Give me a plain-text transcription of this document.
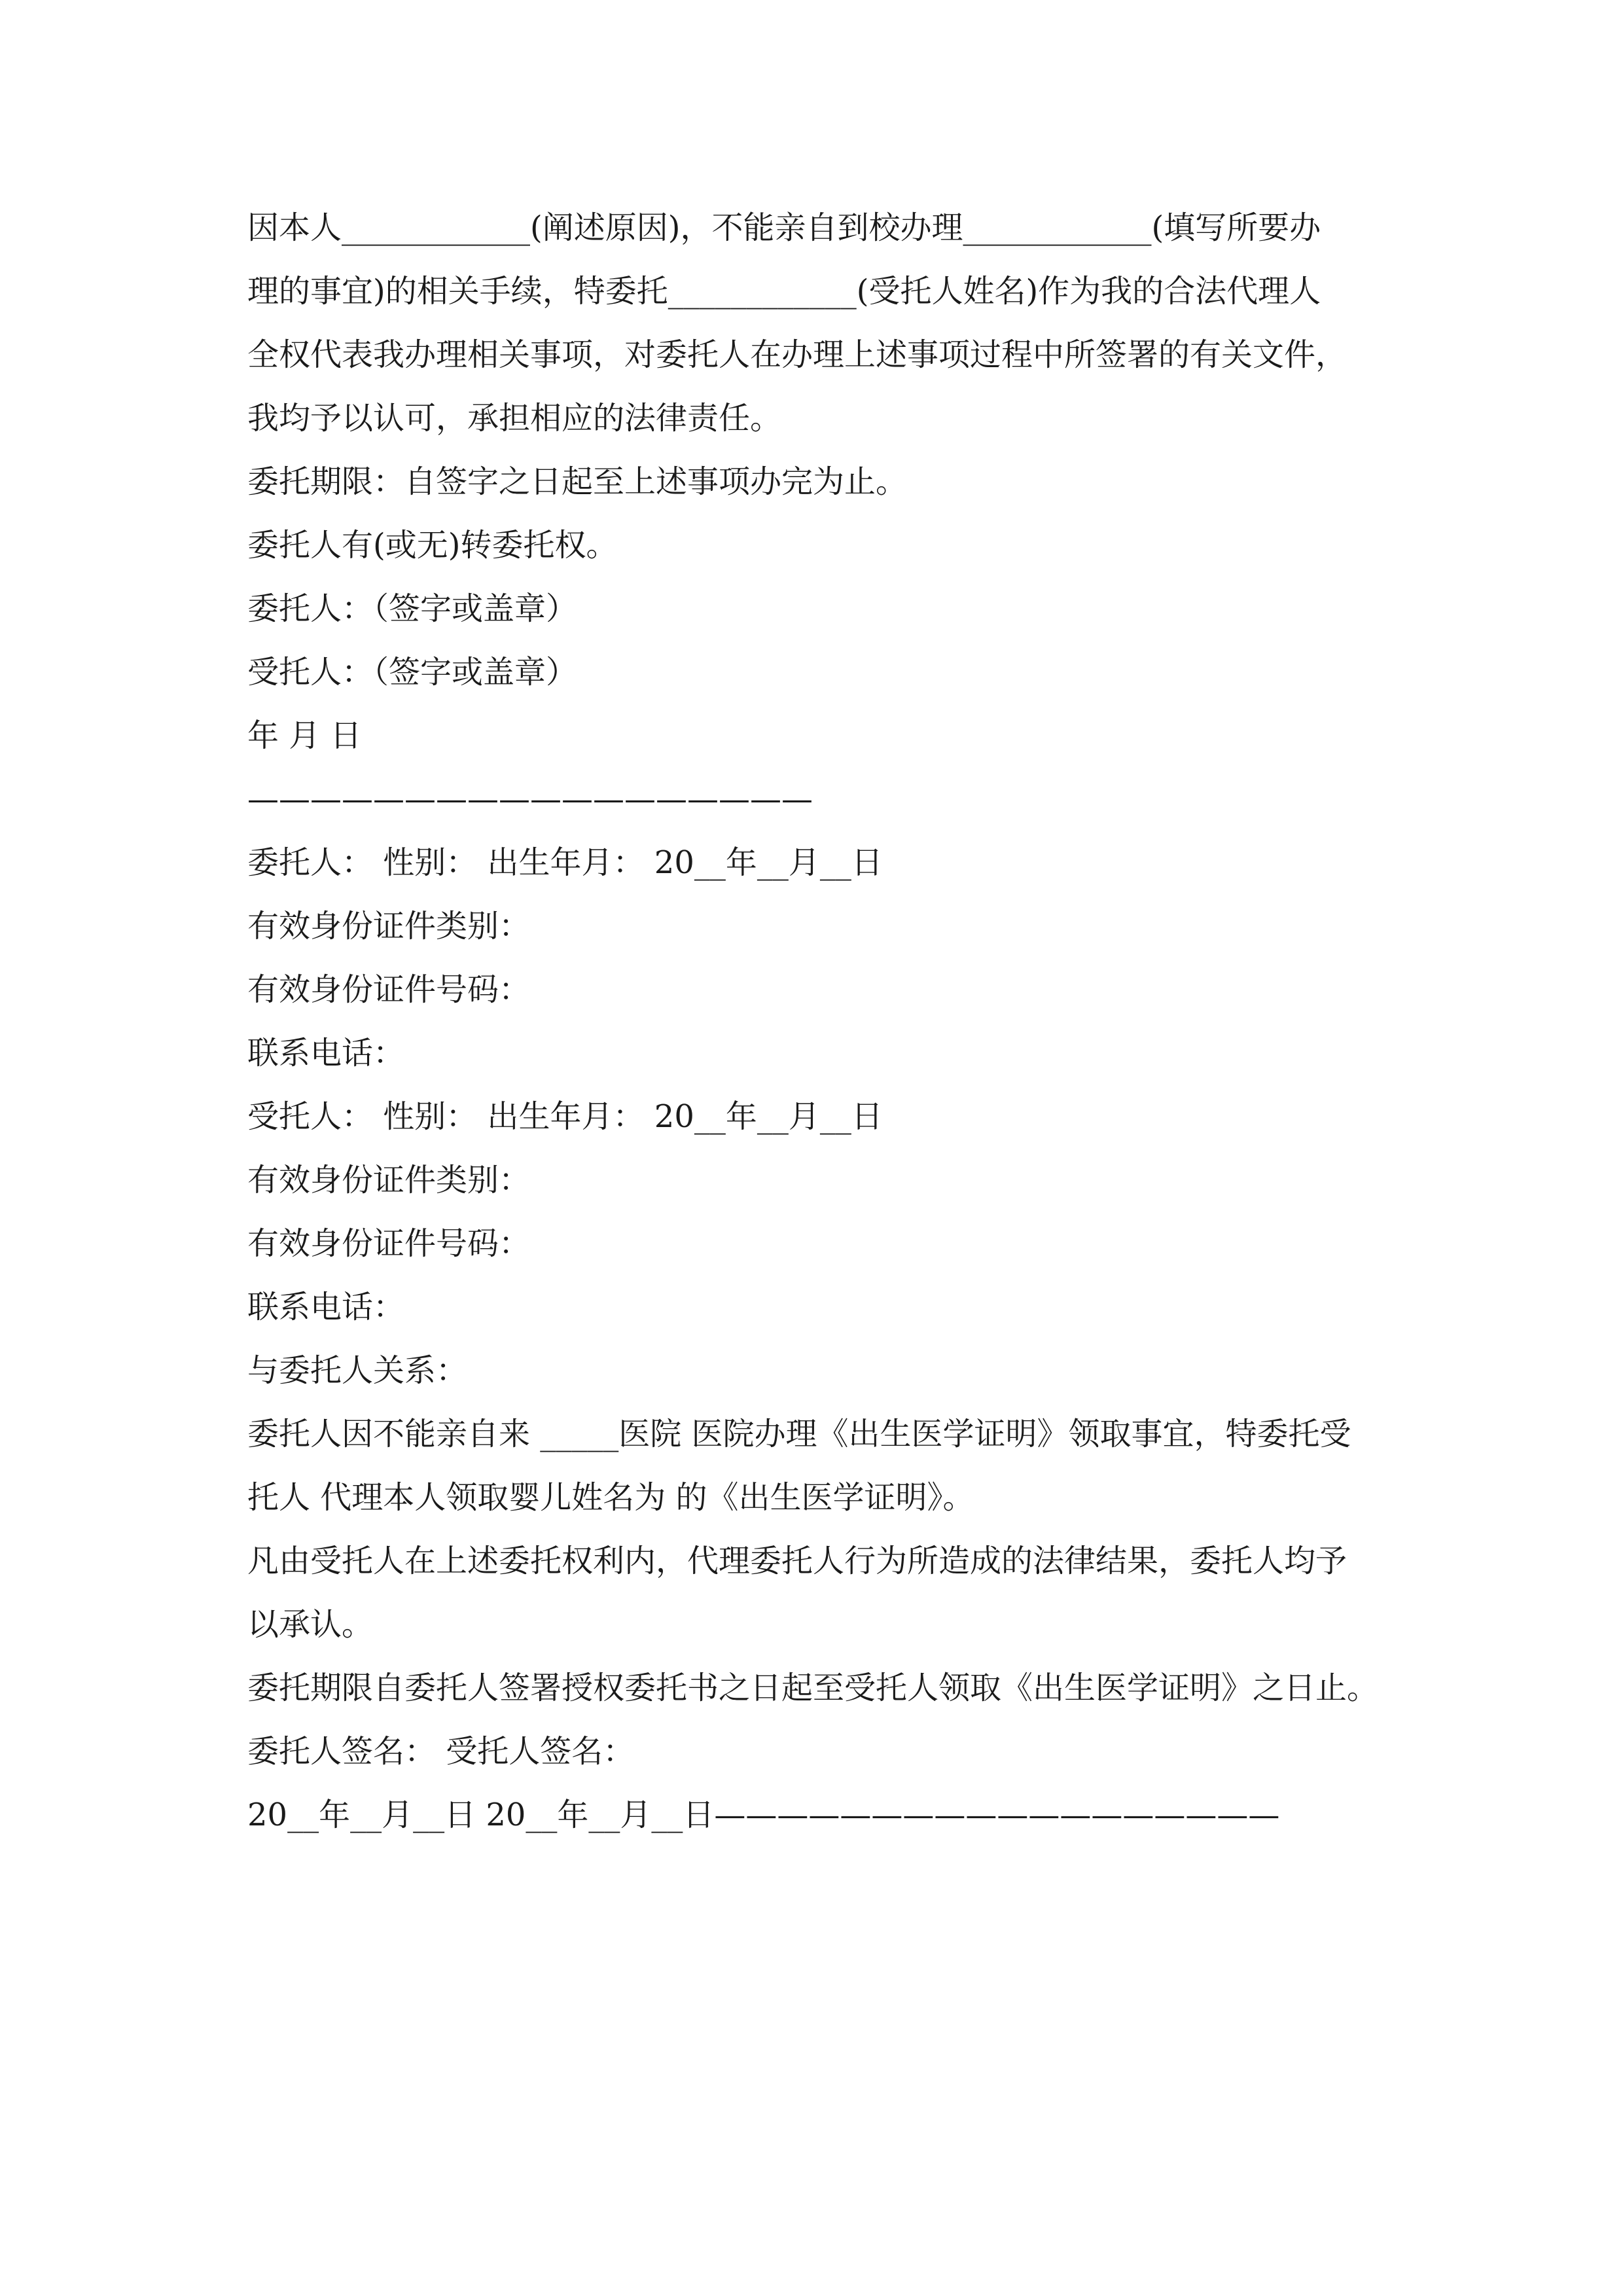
因本人____________(阐述原因)，不能亲自到校办理____________(填写所要办

理的事宜)的相关手续，特委托____________(受托人姓名)作为我的合法代理人

全权代表我办理相关事项，对委托人在办理上述事项过程中所签署的有关文件，

我均予以认可，承担相应的法律责任。

委托期限：自签字之日起至上述事项办完为止。

委托人有(或无)转委托权。

委托人：（签字或盖章）

受托人：（签字或盖章）

年 月 日

——————————————————

委托人： 性别： 出生年月： 20__年__月__日

有效身份证件类别：

有效身份证件号码：

联系电话：

受托人： 性别： 出生年月： 20__年__月__日

有效身份证件类别：

有效身份证件号码：

联系电话：

与委托人关系：

委托人因不能亲自来 _____医院 医院办理《出生医学证明》领取事宜，特委托受

托人 代理本人领取婴儿姓名为 的《出生医学证明》。

凡由受托人在上述委托权利内，代理委托人行为所造成的法律结果，委托人均予

以承认。

委托期限自委托人签署授权委托书之日起至受托人领取《出生医学证明》之日止。

委托人签名： 受托人签名：

20__年__月__日 20__年__月__日——————————————————
